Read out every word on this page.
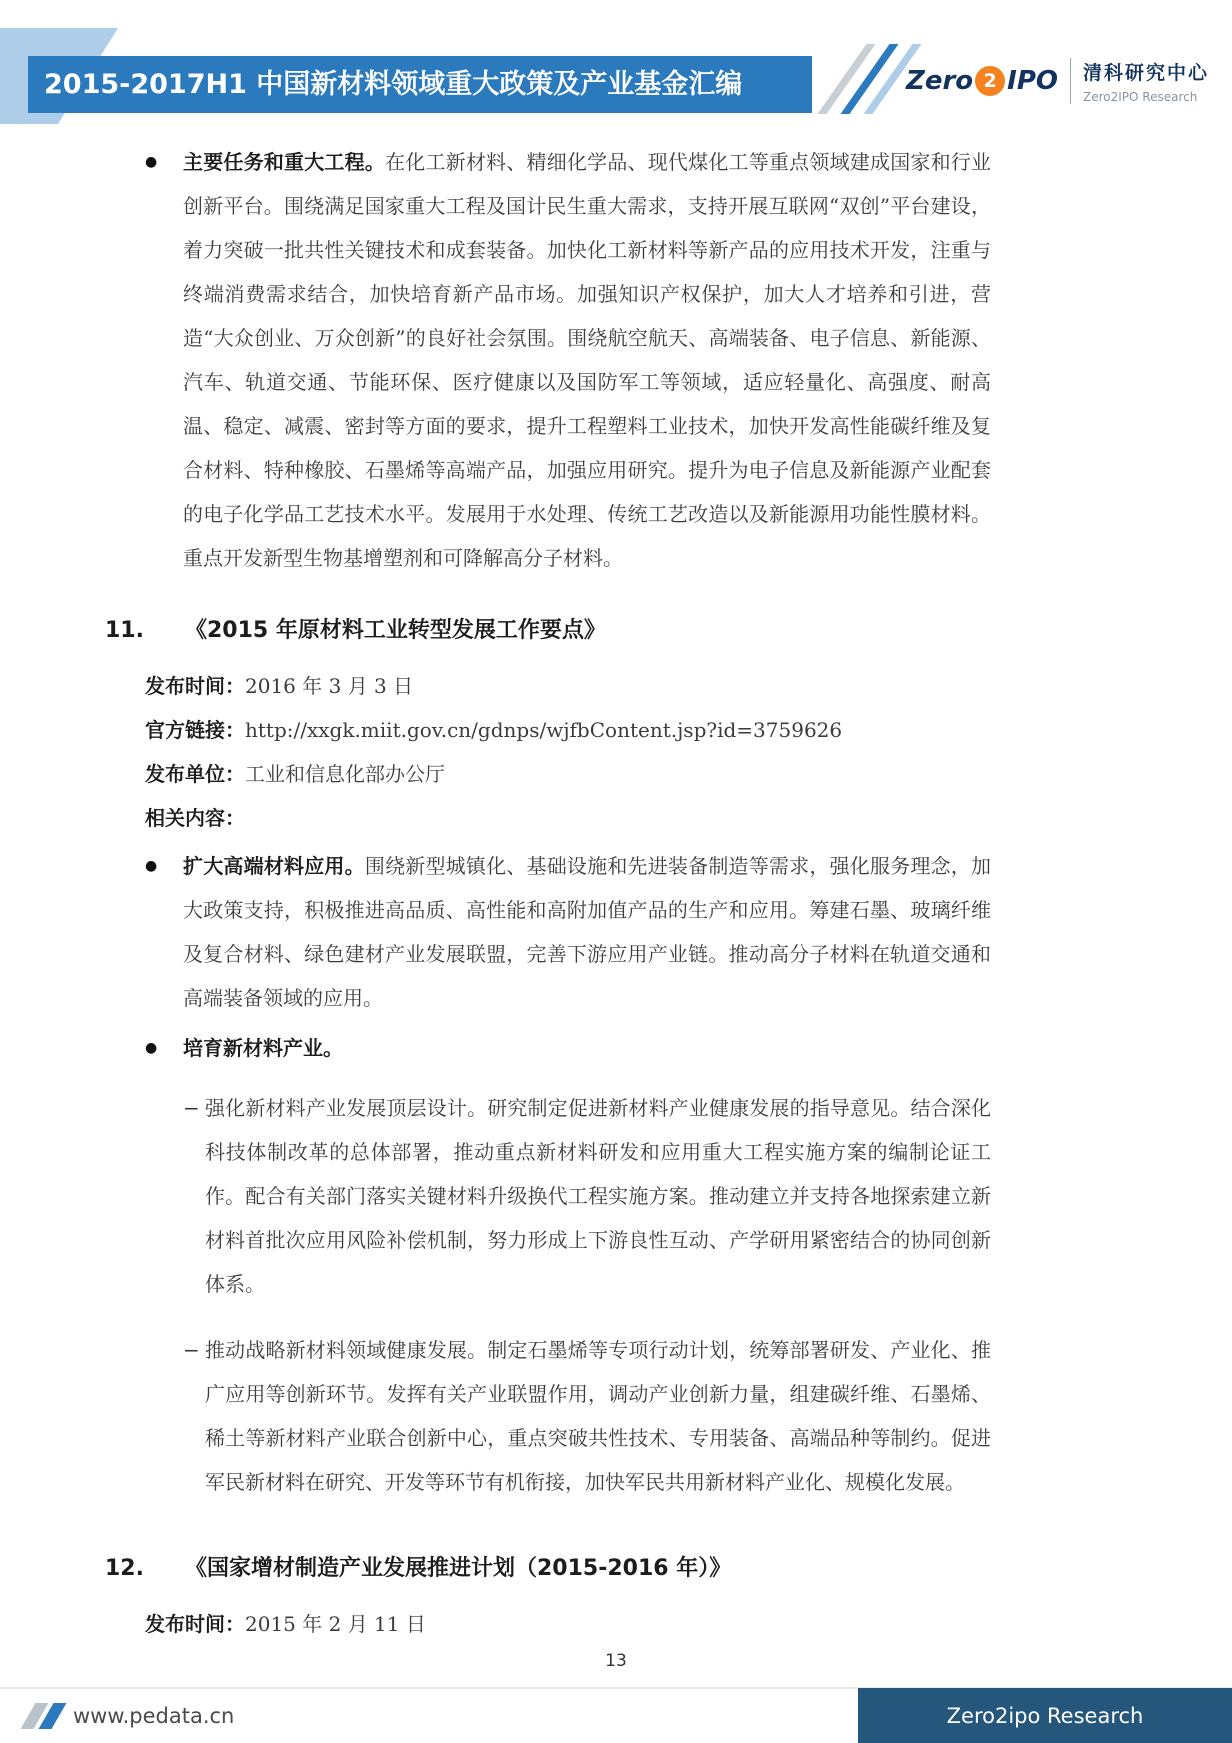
2015-2017H1 中国新材料领域重大政策及产业基金汇编	Zero 2 IPO 清科研究中心
Zero2IPO Research
● 主要任务和重大工程。在化工新材料、精细化学品、现代煤化工等重点领域建成国家和行业创新平台。围绕满足国家重大工程及国计民生重大需求，支持开展互联网“双创”平台建设，着力突破一批共性关键技术和成套装备。加快化工新材料等新产品的应用技术开发，注重与终端消费需求结合，加快培育新产品市场。加强知识产权保护，加大人才培养和引进，营造“大众创业、万众创新”的良好社会氛围。围绕航空航天、高端装备、电子信息、新能源、汽车、轨道交通、节能环保、医疗健康以及国防军工等领域，适应轻量化、高强度、耐高温、稳定、减震、密封等方面的要求，提升工程塑料工业技术，加快开发高性能碳纤维及复合材料、特种橡胶、石墨烯等高端产品，加强应用研究。提升为电子信息及新能源产业配套的电子化学品工艺技术水平。发展用于水处理、传统工艺改造以及新能源用功能性膜材料。重点开发新型生物基增塑剂和可降解高分子材料。
11.	《2015 年原材料工业转型发展工作要点》
发布时间：2016 年 3 月 3 日
官方链接：http://xxgk.miit.gov.cn/gdnps/wjfbContent.jsp?id=3759626
发布单位：工业和信息化部办公厅
相关内容：
● 扩大高端材料应用。围绕新型城镇化、基础设施和先进装备制造等需求，强化服务理念，加大政策支持，积极推进高品质、高性能和高附加值产品的生产和应用。筹建石墨、玻璃纤维及复合材料、绿色建材产业发展联盟，完善下游应用产业链。推动高分子材料在轨道交通和高端装备领域的应用。
● 培育新材料产业。
− 强化新材料产业发展顶层设计。研究制定促进新材料产业健康发展的指导意见。结合深化科技体制改革的总体部署，推动重点新材料研发和应用重大工程实施方案的编制论证工作。配合有关部门落实关键材料升级换代工程实施方案。推动建立并支持各地探索建立新材料首批次应用风险补偿机制，努力形成上下游良性互动、产学研用紧密结合的协同创新体系。
− 推动战略新材料领域健康发展。制定石墨烯等专项行动计划，统筹部署研发、产业化、推广应用等创新环节。发挥有关产业联盟作用，调动产业创新力量，组建碳纤维、石墨烯、稀土等新材料产业联合创新中心，重点突破共性技术、专用装备、高端品种等制约。促进军民新材料在研究、开发等环节有机衔接，加快军民共用新材料产业化、规模化发展。
12.	《国家增材制造产业发展推进计划（2015-2016 年）》
发布时间：2015 年 2 月 11 日
13
www.pedata.cn	Zero2ipo Research
